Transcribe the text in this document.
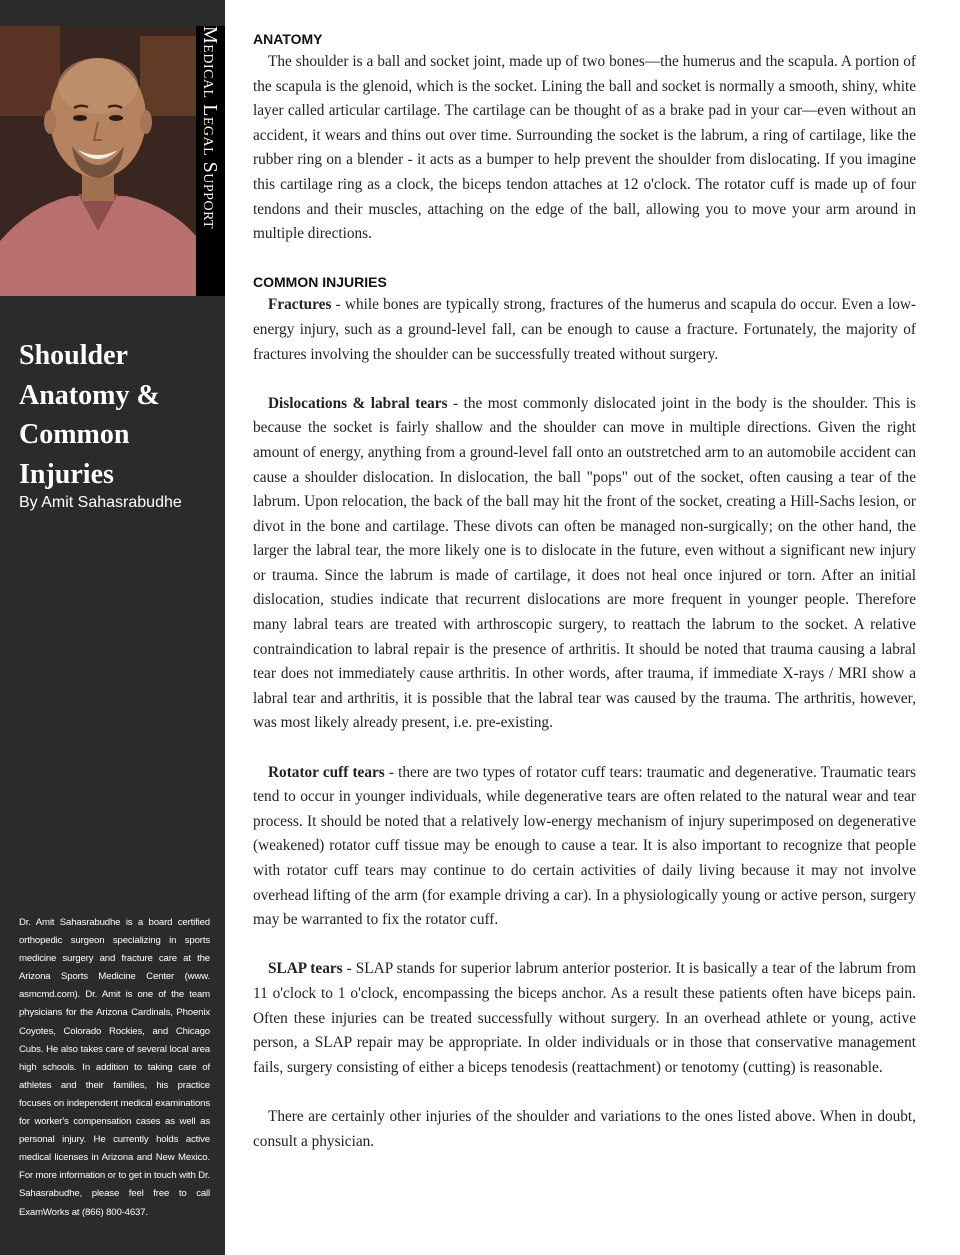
Medical Legal Support
Shoulder
Anatomy &
Common
Injuries
By Amit Sahasrabudhe

Dr. Amit Sahasrabudhe is a board certified orthopedic surgeon specializing in sports medicine surgery and fracture care at the Arizona Sports Medicine Center (www. asmcmd.com). Dr. Amit is one of the team physicians for the Arizona Cardinals, Phoenix Coyotes, Colorado Rockies, and Chicago Cubs. He also takes care of several local area high schools. In addition to taking care of athletes and their families, his practice focuses on independent medical examinations for worker's compensation cases as well as personal injury. He currently holds active medical licenses in Arizona and New Mexico. For more information or to get in touch with Dr. Sahasrabudhe, please feel free to call ExamWorks at (866) 800-4637.

ANATOMY

The shoulder is a ball and socket joint, made up of two bones—the humerus and the scapula. A portion of the scapula is the glenoid, which is the socket. Lining the ball and socket is normally a smooth, shiny, white layer called articular cartilage. The cartilage can be thought of as a brake pad in your car—even without an accident, it wears and thins out over time. Surrounding the socket is the labrum, a ring of cartilage, like the rubber ring on a blender - it acts as a bumper to help prevent the shoulder from dislocating. If you imagine this cartilage ring as a clock, the biceps tendon attaches at 12 o'clock. The rotator cuff is made up of four tendons and their muscles, attaching on the edge of the ball, allowing you to move your arm around in multiple directions.

COMMON INJURIES

Fractures - while bones are typically strong, fractures of the humerus and scapula do occur. Even a low-energy injury, such as a ground-level fall, can be enough to cause a fracture. Fortunately, the majority of fractures involving the shoulder can be successfully treated without surgery.

Dislocations & labral tears - the most commonly dislocated joint in the body is the shoulder. This is because the socket is fairly shallow and the shoulder can move in multiple directions. Given the right amount of energy, anything from a ground-level fall onto an outstretched arm to an automobile accident can cause a shoulder dislocation. In dislocation, the ball "pops" out of the socket, often causing a tear of the labrum. Upon relocation, the back of the ball may hit the front of the socket, creating a Hill-Sachs lesion, or divot in the bone and cartilage. These divots can often be managed non-surgically; on the other hand, the larger the labral tear, the more likely one is to dislocate in the future, even without a significant new injury or trauma. Since the labrum is made of cartilage, it does not heal once injured or torn. After an initial dislocation, studies indicate that recurrent dislocations are more frequent in younger people. Therefore many labral tears are treated with arthroscopic surgery, to reattach the labrum to the socket. A relative contraindication to labral repair is the presence of arthritis. It should be noted that trauma causing a labral tear does not immediately cause arthritis. In other words, after trauma, if immediate X-rays / MRI show a labral tear and arthritis, it is possible that the labral tear was caused by the trauma. The arthritis, however, was most likely already present, i.e. pre-existing.

Rotator cuff tears - there are two types of rotator cuff tears: traumatic and degenerative. Traumatic tears tend to occur in younger individuals, while degenerative tears are often related to the natural wear and tear process. It should be noted that a relatively low-energy mechanism of injury superimposed on degenerative (weakened) rotator cuff tissue may be enough to cause a tear. It is also important to recognize that people with rotator cuff tears may continue to do certain activities of daily living because it may not involve overhead lifting of the arm (for example driving a car). In a physiologically young or active person, surgery may be warranted to fix the rotator cuff.

SLAP tears - SLAP stands for superior labrum anterior posterior. It is basically a tear of the labrum from 11 o'clock to 1 o'clock, encompassing the biceps anchor. As a result these patients often have biceps pain. Often these injuries can be treated successfully without surgery. In an overhead athlete or young, active person, a SLAP repair may be appropriate. In older individuals or in those that conservative management fails, surgery consisting of either a biceps tenodesis (reattachment) or tenotomy (cutting) is reasonable.

There are certainly other injuries of the shoulder and variations to the ones listed above. When in doubt, consult a physician.
